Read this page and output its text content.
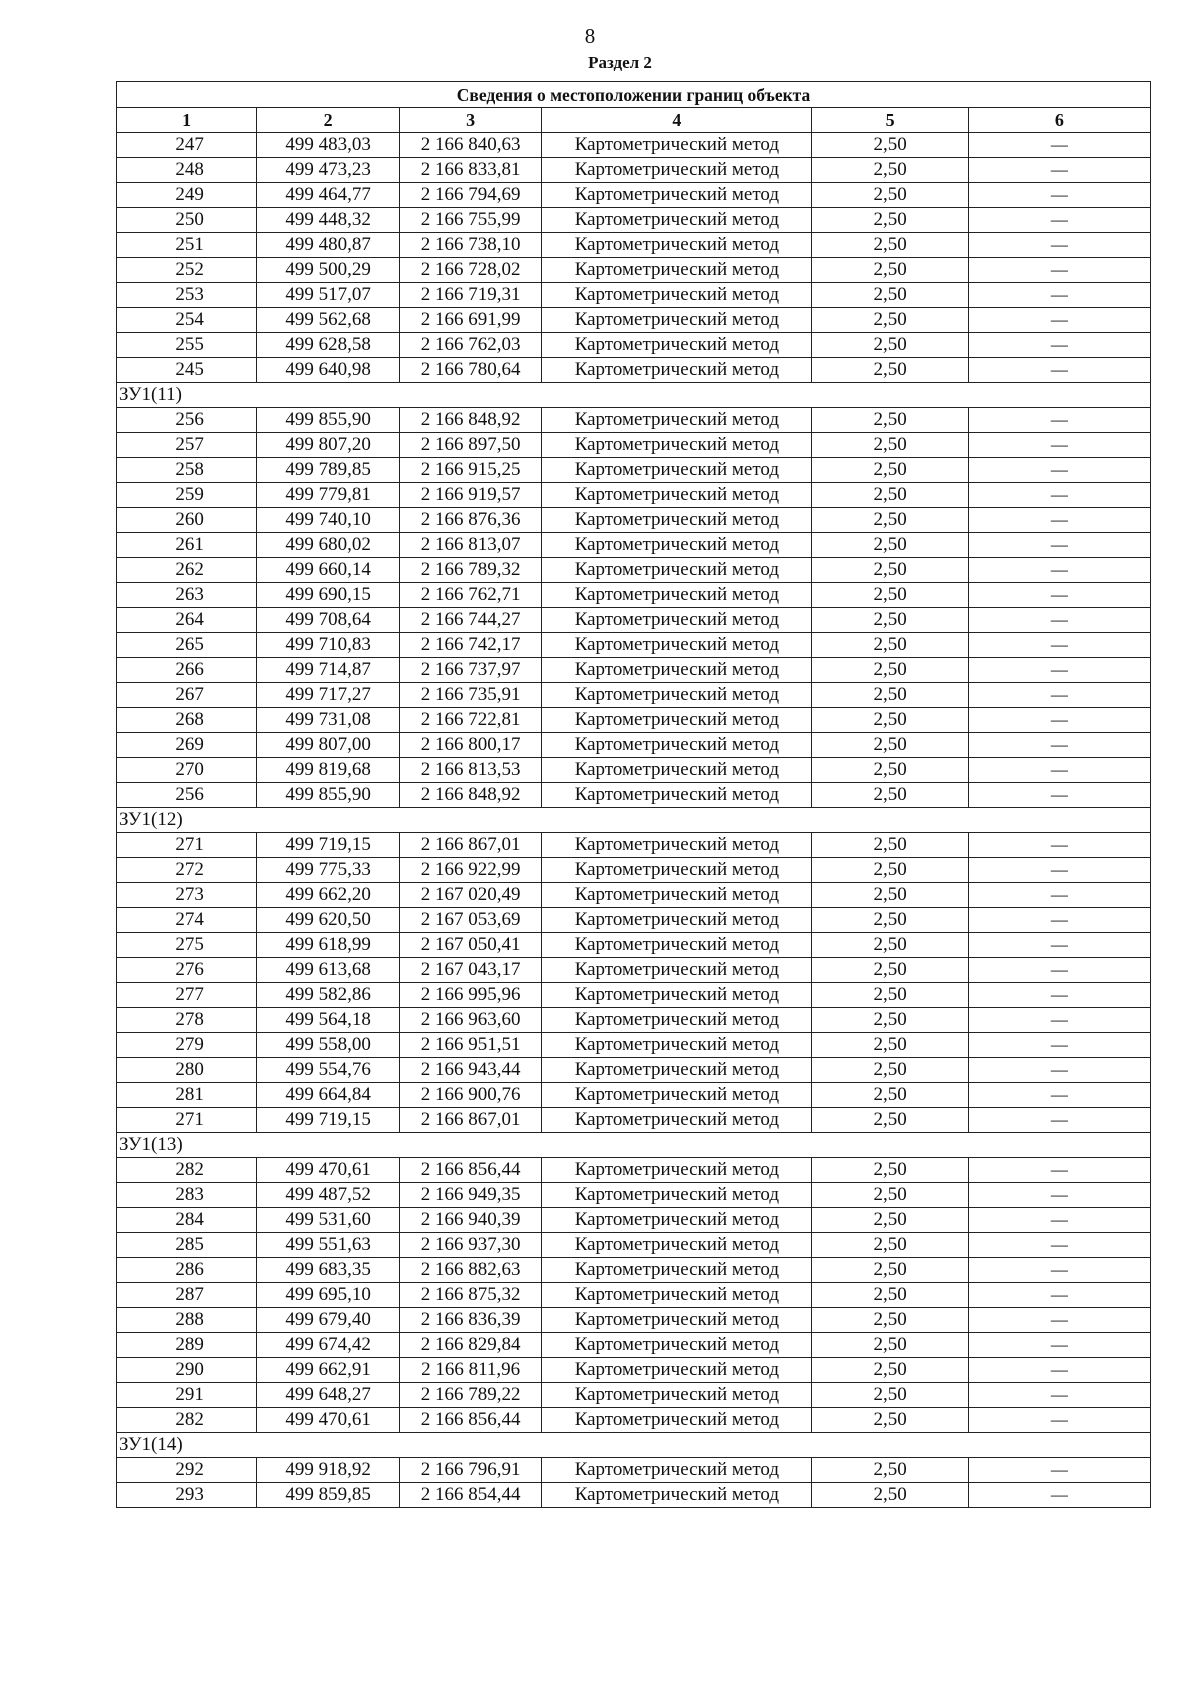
8
Раздел 2
Сведения о местоположении границ объекта					
1	2	3	4	5	6
247	499 483,03	2 166 840,63	Картометрический метод	2,50	—
248	499 473,23	2 166 833,81	Картометрический метод	2,50	—
249	499 464,77	2 166 794,69	Картометрический метод	2,50	—
250	499 448,32	2 166 755,99	Картометрический метод	2,50	—
251	499 480,87	2 166 738,10	Картометрический метод	2,50	—
252	499 500,29	2 166 728,02	Картометрический метод	2,50	—
253	499 517,07	2 166 719,31	Картометрический метод	2,50	—
254	499 562,68	2 166 691,99	Картометрический метод	2,50	—
255	499 628,58	2 166 762,03	Картометрический метод	2,50	—
245	499 640,98	2 166 780,64	Картометрический метод	2,50	—
ЗУ1(11)					
256	499 855,90	2 166 848,92	Картометрический метод	2,50	—
257	499 807,20	2 166 897,50	Картометрический метод	2,50	—
258	499 789,85	2 166 915,25	Картометрический метод	2,50	—
259	499 779,81	2 166 919,57	Картометрический метод	2,50	—
260	499 740,10	2 166 876,36	Картометрический метод	2,50	—
261	499 680,02	2 166 813,07	Картометрический метод	2,50	—
262	499 660,14	2 166 789,32	Картометрический метод	2,50	—
263	499 690,15	2 166 762,71	Картометрический метод	2,50	—
264	499 708,64	2 166 744,27	Картометрический метод	2,50	—
265	499 710,83	2 166 742,17	Картометрический метод	2,50	—
266	499 714,87	2 166 737,97	Картометрический метод	2,50	—
267	499 717,27	2 166 735,91	Картометрический метод	2,50	—
268	499 731,08	2 166 722,81	Картометрический метод	2,50	—
269	499 807,00	2 166 800,17	Картометрический метод	2,50	—
270	499 819,68	2 166 813,53	Картометрический метод	2,50	—
256	499 855,90	2 166 848,92	Картометрический метод	2,50	—
ЗУ1(12)					
271	499 719,15	2 166 867,01	Картометрический метод	2,50	—
272	499 775,33	2 166 922,99	Картометрический метод	2,50	—
273	499 662,20	2 167 020,49	Картометрический метод	2,50	—
274	499 620,50	2 167 053,69	Картометрический метод	2,50	—
275	499 618,99	2 167 050,41	Картометрический метод	2,50	—
276	499 613,68	2 167 043,17	Картометрический метод	2,50	—
277	499 582,86	2 166 995,96	Картометрический метод	2,50	—
278	499 564,18	2 166 963,60	Картометрический метод	2,50	—
279	499 558,00	2 166 951,51	Картометрический метод	2,50	—
280	499 554,76	2 166 943,44	Картометрический метод	2,50	—
281	499 664,84	2 166 900,76	Картометрический метод	2,50	—
271	499 719,15	2 166 867,01	Картометрический метод	2,50	—
ЗУ1(13)					
282	499 470,61	2 166 856,44	Картометрический метод	2,50	—
283	499 487,52	2 166 949,35	Картометрический метод	2,50	—
284	499 531,60	2 166 940,39	Картометрический метод	2,50	—
285	499 551,63	2 166 937,30	Картометрический метод	2,50	—
286	499 683,35	2 166 882,63	Картометрический метод	2,50	—
287	499 695,10	2 166 875,32	Картометрический метод	2,50	—
288	499 679,40	2 166 836,39	Картометрический метод	2,50	—
289	499 674,42	2 166 829,84	Картометрический метод	2,50	—
290	499 662,91	2 166 811,96	Картометрический метод	2,50	—
291	499 648,27	2 166 789,22	Картометрический метод	2,50	—
282	499 470,61	2 166 856,44	Картометрический метод	2,50	—
ЗУ1(14)					
292	499 918,92	2 166 796,91	Картометрический метод	2,50	—
293	499 859,85	2 166 854,44	Картометрический метод	2,50	—
